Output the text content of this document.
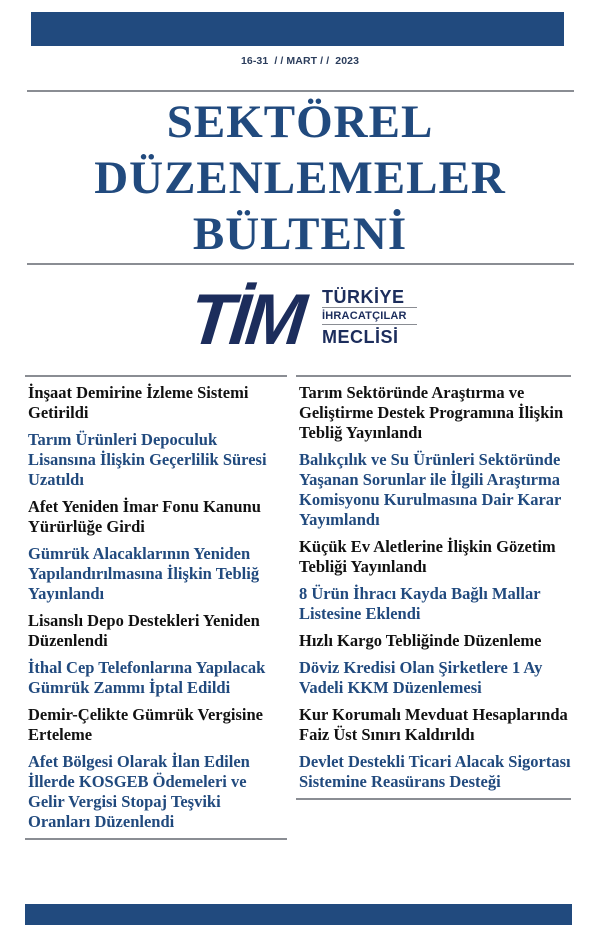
16-31  / / MART / /  2023
SEKTÖREL
DÜZENLEMELER
BÜLTENİ
TİM TÜRKİYE
İHRACATÇILAR
MECLİSİ
İnşaat Demirine İzleme Sistemi Getirildi
Tarım Ürünleri Depoculuk Lisansına İlişkin Geçerlilik Süresi Uzatıldı
Afet Yeniden İmar Fonu Kanunu Yürürlüğe Girdi
Gümrük Alacaklarının Yeniden Yapılandırılmasına İlişkin Tebliğ Yayınlandı
Lisanslı Depo Destekleri Yeniden Düzenlendi
İthal Cep Telefonlarına Yapılacak Gümrük Zammı İptal Edildi
Demir-Çelikte Gümrük Vergisine Erteleme
Afet Bölgesi Olarak İlan Edilen İllerde KOSGEB Ödemeleri ve Gelir Vergisi Stopaj Teşviki Oranları Düzenlendi
Tarım Sektöründe Araştırma ve Geliştirme Destek Programına İlişkin Tebliğ Yayınlandı
Balıkçılık ve Su Ürünleri Sektöründe Yaşanan Sorunlar ile İlgili Araştırma Komisyonu Kurulmasına Dair Karar Yayımlandı
Küçük Ev Aletlerine İlişkin Gözetim Tebliği Yayınlandı
8 Ürün İhracı Kayda Bağlı Mallar Listesine Eklendi
Hızlı Kargo Tebliğinde Düzenleme
Döviz Kredisi Olan Şirketlere 1 Ay Vadeli KKM Düzenlemesi
Kur Korumalı Mevduat Hesaplarında Faiz Üst Sınırı Kaldırıldı
Devlet Destekli Ticari Alacak Sigortası Sistemine Reasürans Desteği
